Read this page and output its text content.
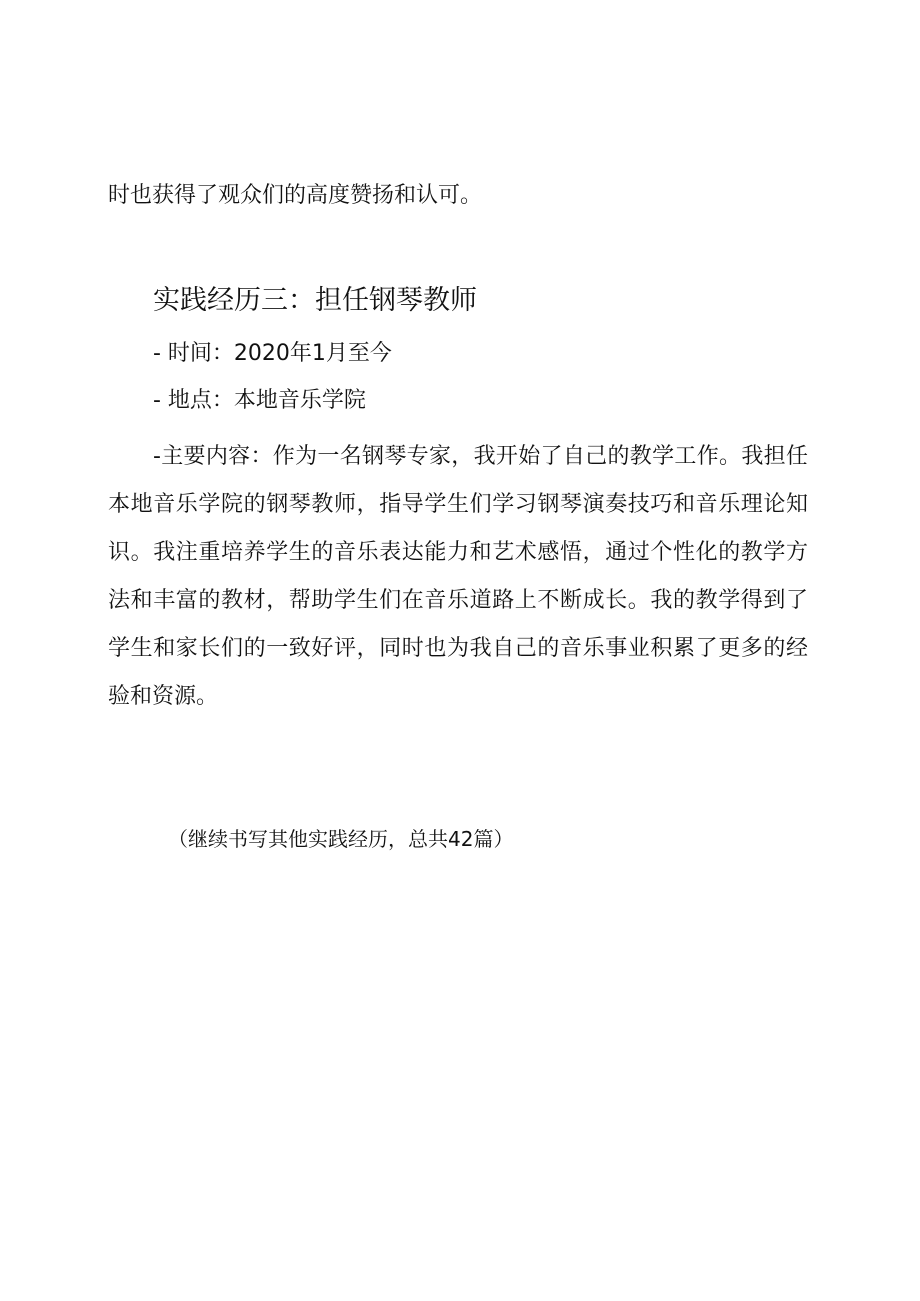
时也获得了观众们的高度赞扬和认可。
实践经历三：担任钢琴教师
- 时间：2020年1月至今
- 地点：本地音乐学院
-主要内容：作为一名钢琴专家，我开始了自己的教学工作。我担任本地音乐学院的钢琴教师，指导学生们学习钢琴演奏技巧和音乐理论知识。我注重培养学生的音乐表达能力和艺术感悟，通过个性化的教学方法和丰富的教材，帮助学生们在音乐道路上不断成长。我的教学得到了学生和家长们的一致好评，同时也为我自己的音乐事业积累了更多的经验和资源。
（继续书写其他实践经历，总共42篇）
